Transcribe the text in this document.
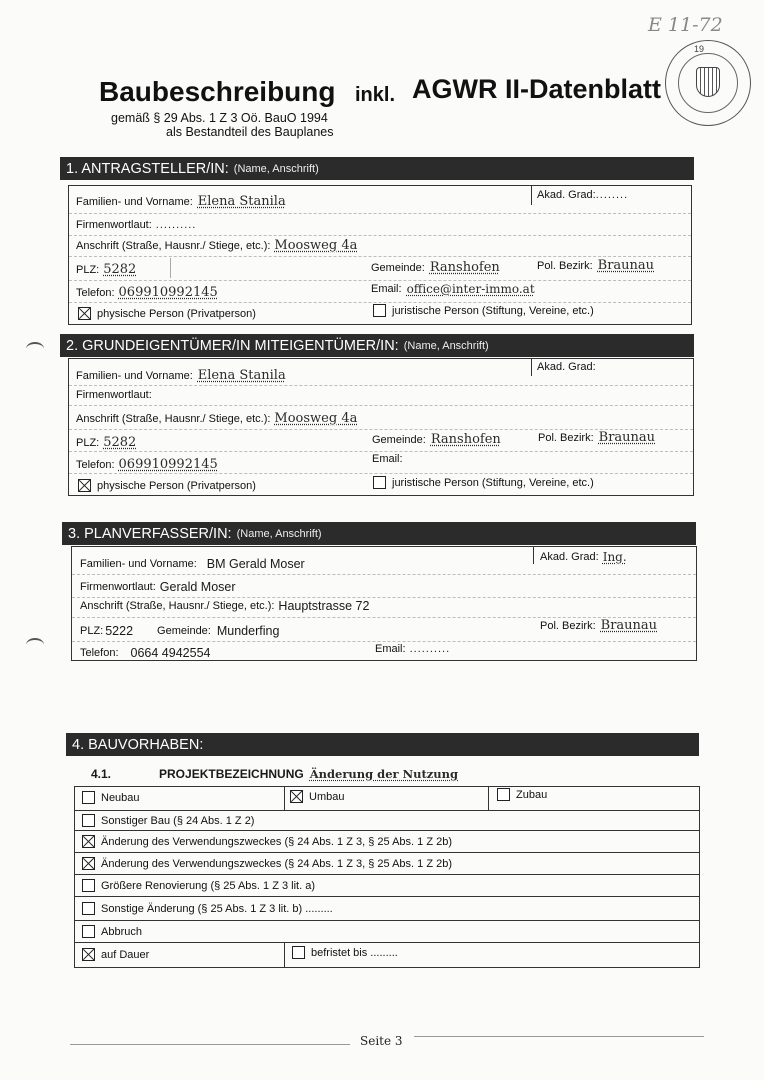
E 11-72
19
Baubeschreibung inkl. AGWR II-Datenblatt
gemäß § 29 Abs. 1 Z 3 Oö. BauO 1994
als Bestandteil des Bauplanes
1. ANTRAGSTELLER/IN: (Name, Anschrift)
Familien- und Vorname: Elena Stanila	Akad. Grad: ........
Firmenwortlaut: ..........
Anschrift (Straße, Hausnr./ Stiege, etc.): Moosweg 4a
PLZ: 5282	Gemeinde: Ranshofen	Pol. Bezirk: Braunau
Telefon: 069910992145	Email: office@inter-immo.at
physische Person (Privatperson)	juristische Person (Stiftung, Vereine, etc.)
2. GRUNDEIGENTÜMER/IN MITEIGENTÜMER/IN: (Name, Anschrift)
Familien- und Vorname: Elena Stanila
Akad. Grad:
Firmenwortlaut:
Anschrift (Straße, Hausnr./ Stiege, etc.): Moosweg 4a
PLZ: 5282	Gemeinde: Ranshofen	Pol. Bezirk: Braunau
Telefon: 069910992145	Email:
physische Person (Privatperson)	juristische Person (Stiftung, Vereine, etc.)
3. PLANVERFASSER/IN: (Name, Anschrift)
Familien- und Vorname: BM Gerald Moser	Akad. Grad: Ing.
Firmenwortlaut: Gerald Moser
Anschrift (Straße, Hausnr./ Stiege, etc.): Hauptstrasse 72
PLZ: 5222 Gemeinde: Munderfing	Pol. Bezirk: Braunau
Telefon: 0664 4942554	Email: ..........
4. BAUVORHABEN:
4.1.	PROJEKTBEZEICHNUNG Änderung der Nutzung
Neubau	Umbau	Zubau
Sonstiger Bau (§ 24 Abs. 1 Z 2)
Änderung des Verwendungszweckes (§ 24 Abs. 1 Z 3, § 25 Abs. 1 Z 2b)
Änderung des Verwendungszweckes (§ 24 Abs. 1 Z 3, § 25 Abs. 1 Z 2b)
Größere Renovierung (§ 25 Abs. 1 Z 3 lit. a)
Sonstige Änderung (§ 25 Abs. 1 Z 3 lit. b) .........
Abbruch
auf Dauer	befristet bis .........
Seite 3
